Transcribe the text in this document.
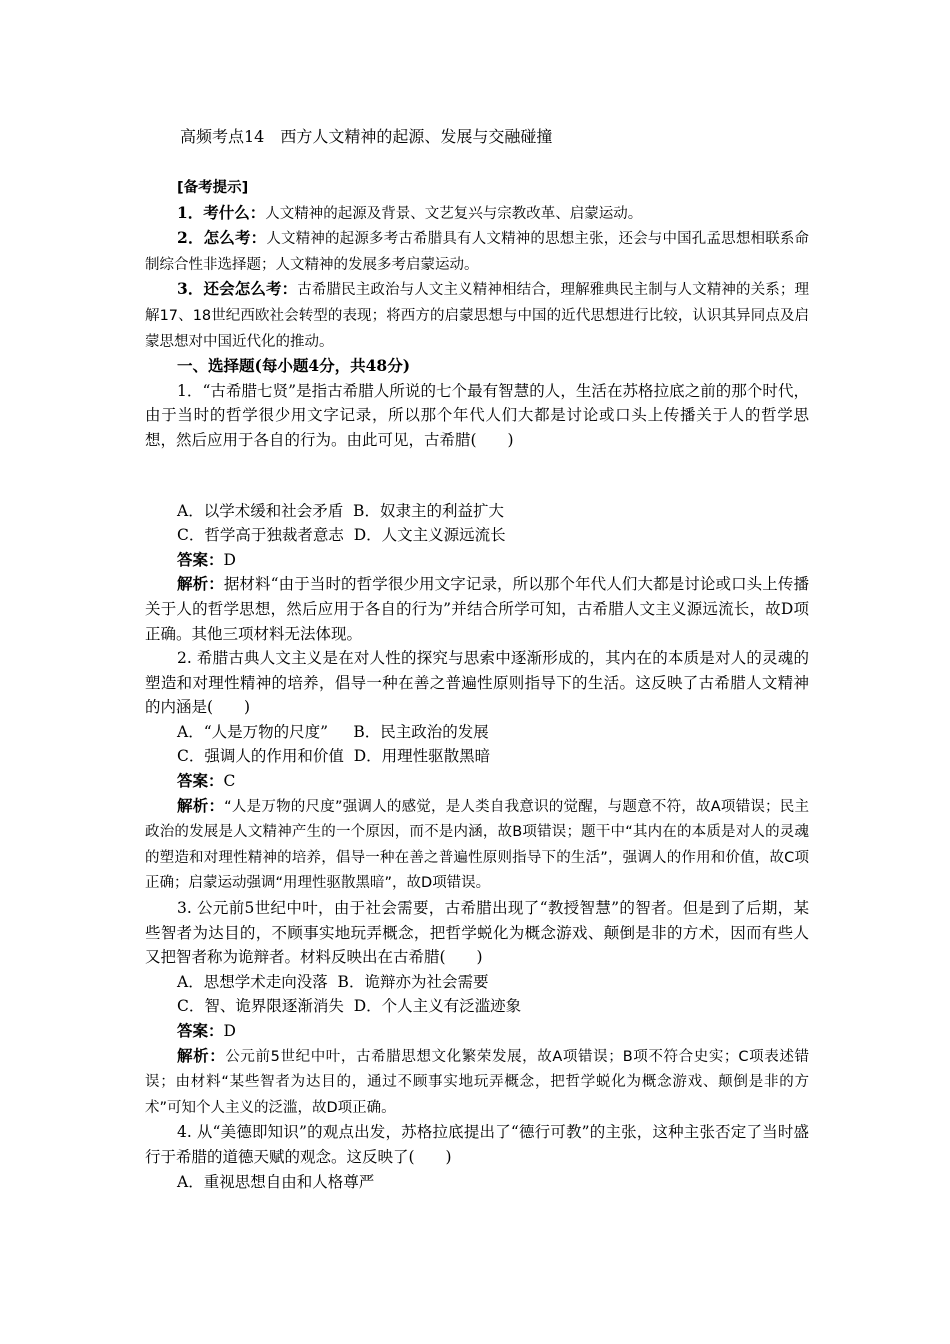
高频考点14　西方人文精神的起源、发展与交融碰撞

[备考提示]

1．考什么：人文精神的起源及背景、文艺复兴与宗教改革、启蒙运动。

2．怎么考：人文精神的起源多考古希腊具有人文精神的思想主张，还会与中国孔孟思想相联系命制综合性非选择题；人文精神的发展多考启蒙运动。

3．还会怎么考：古希腊民主政治与人文主义精神相结合，理解雅典民主制与人文精神的关系；理解17、18世纪西欧社会转型的表现；将西方的启蒙思想与中国的近代思想进行比较，认识其异同点及启蒙思想对中国近代化的推动。

一、选择题(每小题4分，共48分)

1．“古希腊七贤”是指古希腊人所说的七个最有智慧的人，生活在苏格拉底之前的那个时代，由于当时的哲学很少用文字记录，所以那个年代人们大都是讨论或口头上传播关于人的哲学思想，然后应用于各自的行为。由此可见，古希腊(　　)

A．以学术缓和社会矛盾  B．奴隶主的利益扩大

C．哲学高于独裁者意志  D．人文主义源远流长

答案：D

解析：据材料“由于当时的哲学很少用文字记录，所以那个年代人们大都是讨论或口头上传播关于人的哲学思想，然后应用于各自的行为”并结合所学可知，古希腊人文主义源远流长，故D项正确。其他三项材料无法体现。

2. 希腊古典人文主义是在对人性的探究与思索中逐渐形成的，其内在的本质是对人的灵魂的塑造和对理性精神的培养，倡导一种在善之普遍性原则指导下的生活。这反映了古希腊人文精神的内涵是(　　)

A．“人是万物的尺度”　  B．民主政治的发展

C．强调人的作用和价值  D．用理性驱散黑暗

答案：C

解析：“人是万物的尺度”强调人的感觉，是人类自我意识的觉醒，与题意不符，故A项错误；民主政治的发展是人文精神产生的一个原因，而不是内涵，故B项错误；题干中“其内在的本质是对人的灵魂的塑造和对理性精神的培养，倡导一种在善之普遍性原则指导下的生活”，强调人的作用和价值，故C项正确；启蒙运动强调“用理性驱散黑暗”，故D项错误。

3. 公元前5世纪中叶，由于社会需要，古希腊出现了“教授智慧”的智者。但是到了后期，某些智者为达目的，不顾事实地玩弄概念，把哲学蜕化为概念游戏、颠倒是非的方术，因而有些人又把智者称为诡辩者。材料反映出在古希腊(　　)

A．思想学术走向没落  B．诡辩亦为社会需要

C．智、诡界限逐渐消失  D．个人主义有泛滥迹象

答案：D

解析：公元前5世纪中叶，古希腊思想文化繁荣发展，故A项错误；B项不符合史实；C项表述错误；由材料“某些智者为达目的，通过不顾事实地玩弄概念，把哲学蜕化为概念游戏、颠倒是非的方术”可知个人主义的泛滥，故D项正确。

4. 从“美德即知识”的观点出发，苏格拉底提出了“德行可教”的主张，这种主张否定了当时盛行于希腊的道德天赋的观念。这反映了(　　)

A．重视思想自由和人格尊严
